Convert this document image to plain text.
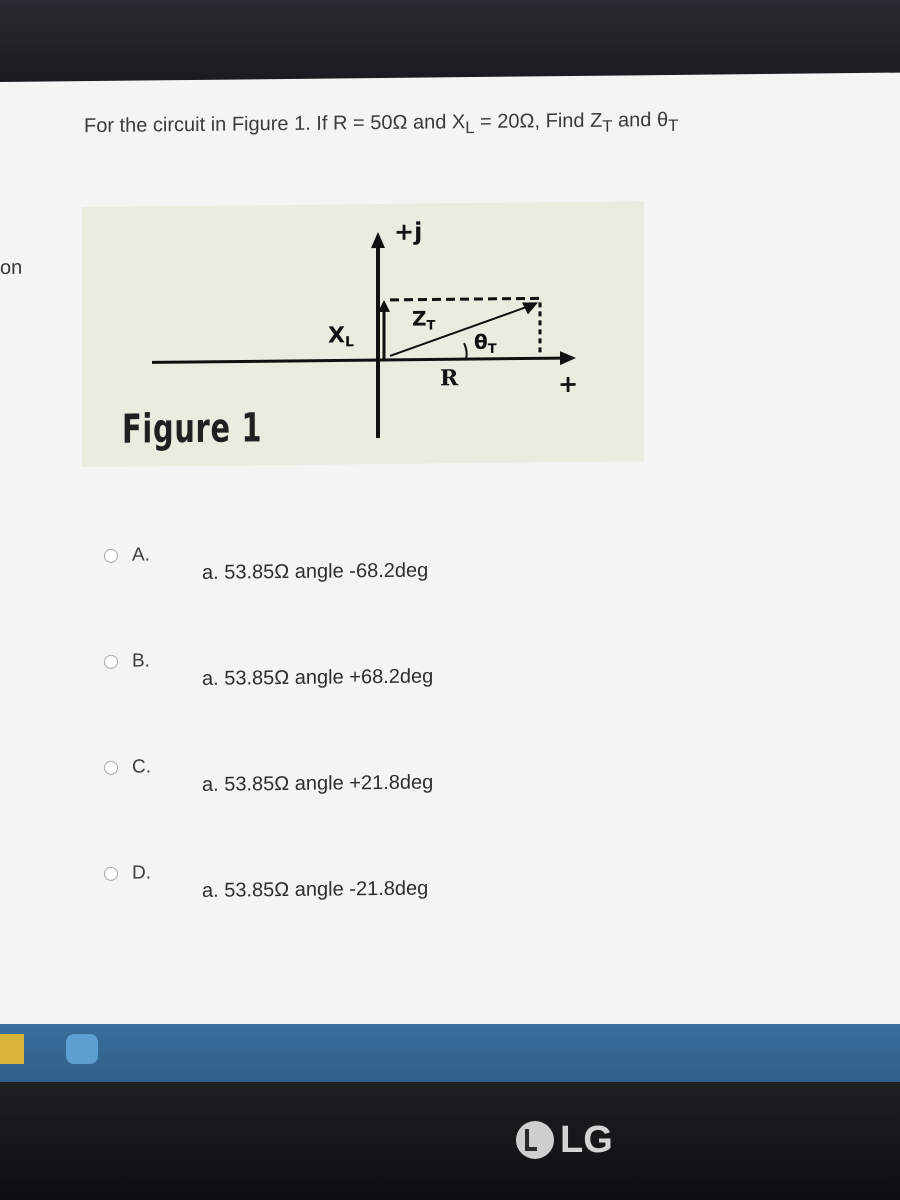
on
For the circuit in Figure 1. If R = 50Ω and $X_L = 20\Omega$, Find $Z_T$ and $\theta_T$
+j
XL
$Z_T$
$\theta_T$
R	+
Figure 1
A.
a. 53.85Ω angle -68.2deg
B.
a. 53.85Ω angle +68.2deg
C.
a. 53.85Ω angle +21.8deg
D.
a. 53.85Ω angle -21.8deg
LG
